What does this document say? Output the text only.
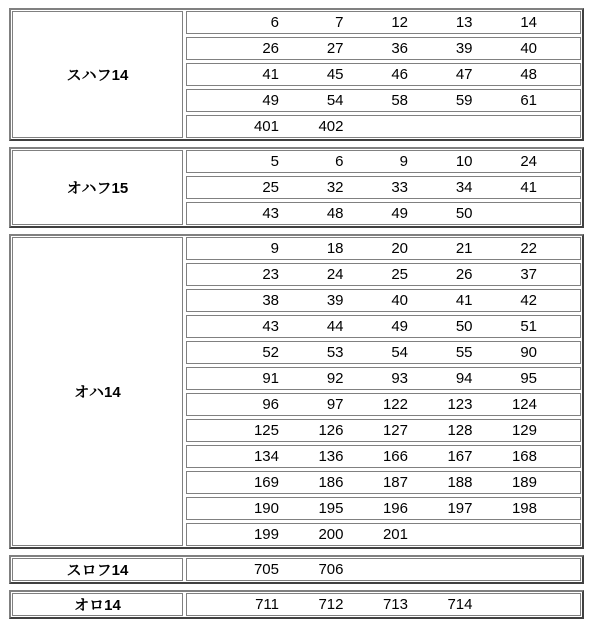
スハフ14
6	7	12	13	14
26	27	36	39	40
41	45	46	47	48
49	54	58	59	61
401	402
オハフ15
5	6	9	10	24
25	32	33	34	41
43	48	49	50
オハ14
9	18	20	21	22
23	24	25	26	37
38	39	40	41	42
43	44	49	50	51
52	53	54	55	90
91	92	93	94	95
96	97	122	123	124
125	126	127	128	129
134	136	166	167	168
169	186	187	188	189
190	195	196	197	198
199	200	201
スロフ14	705	706
オロ14	711	712	713	714
